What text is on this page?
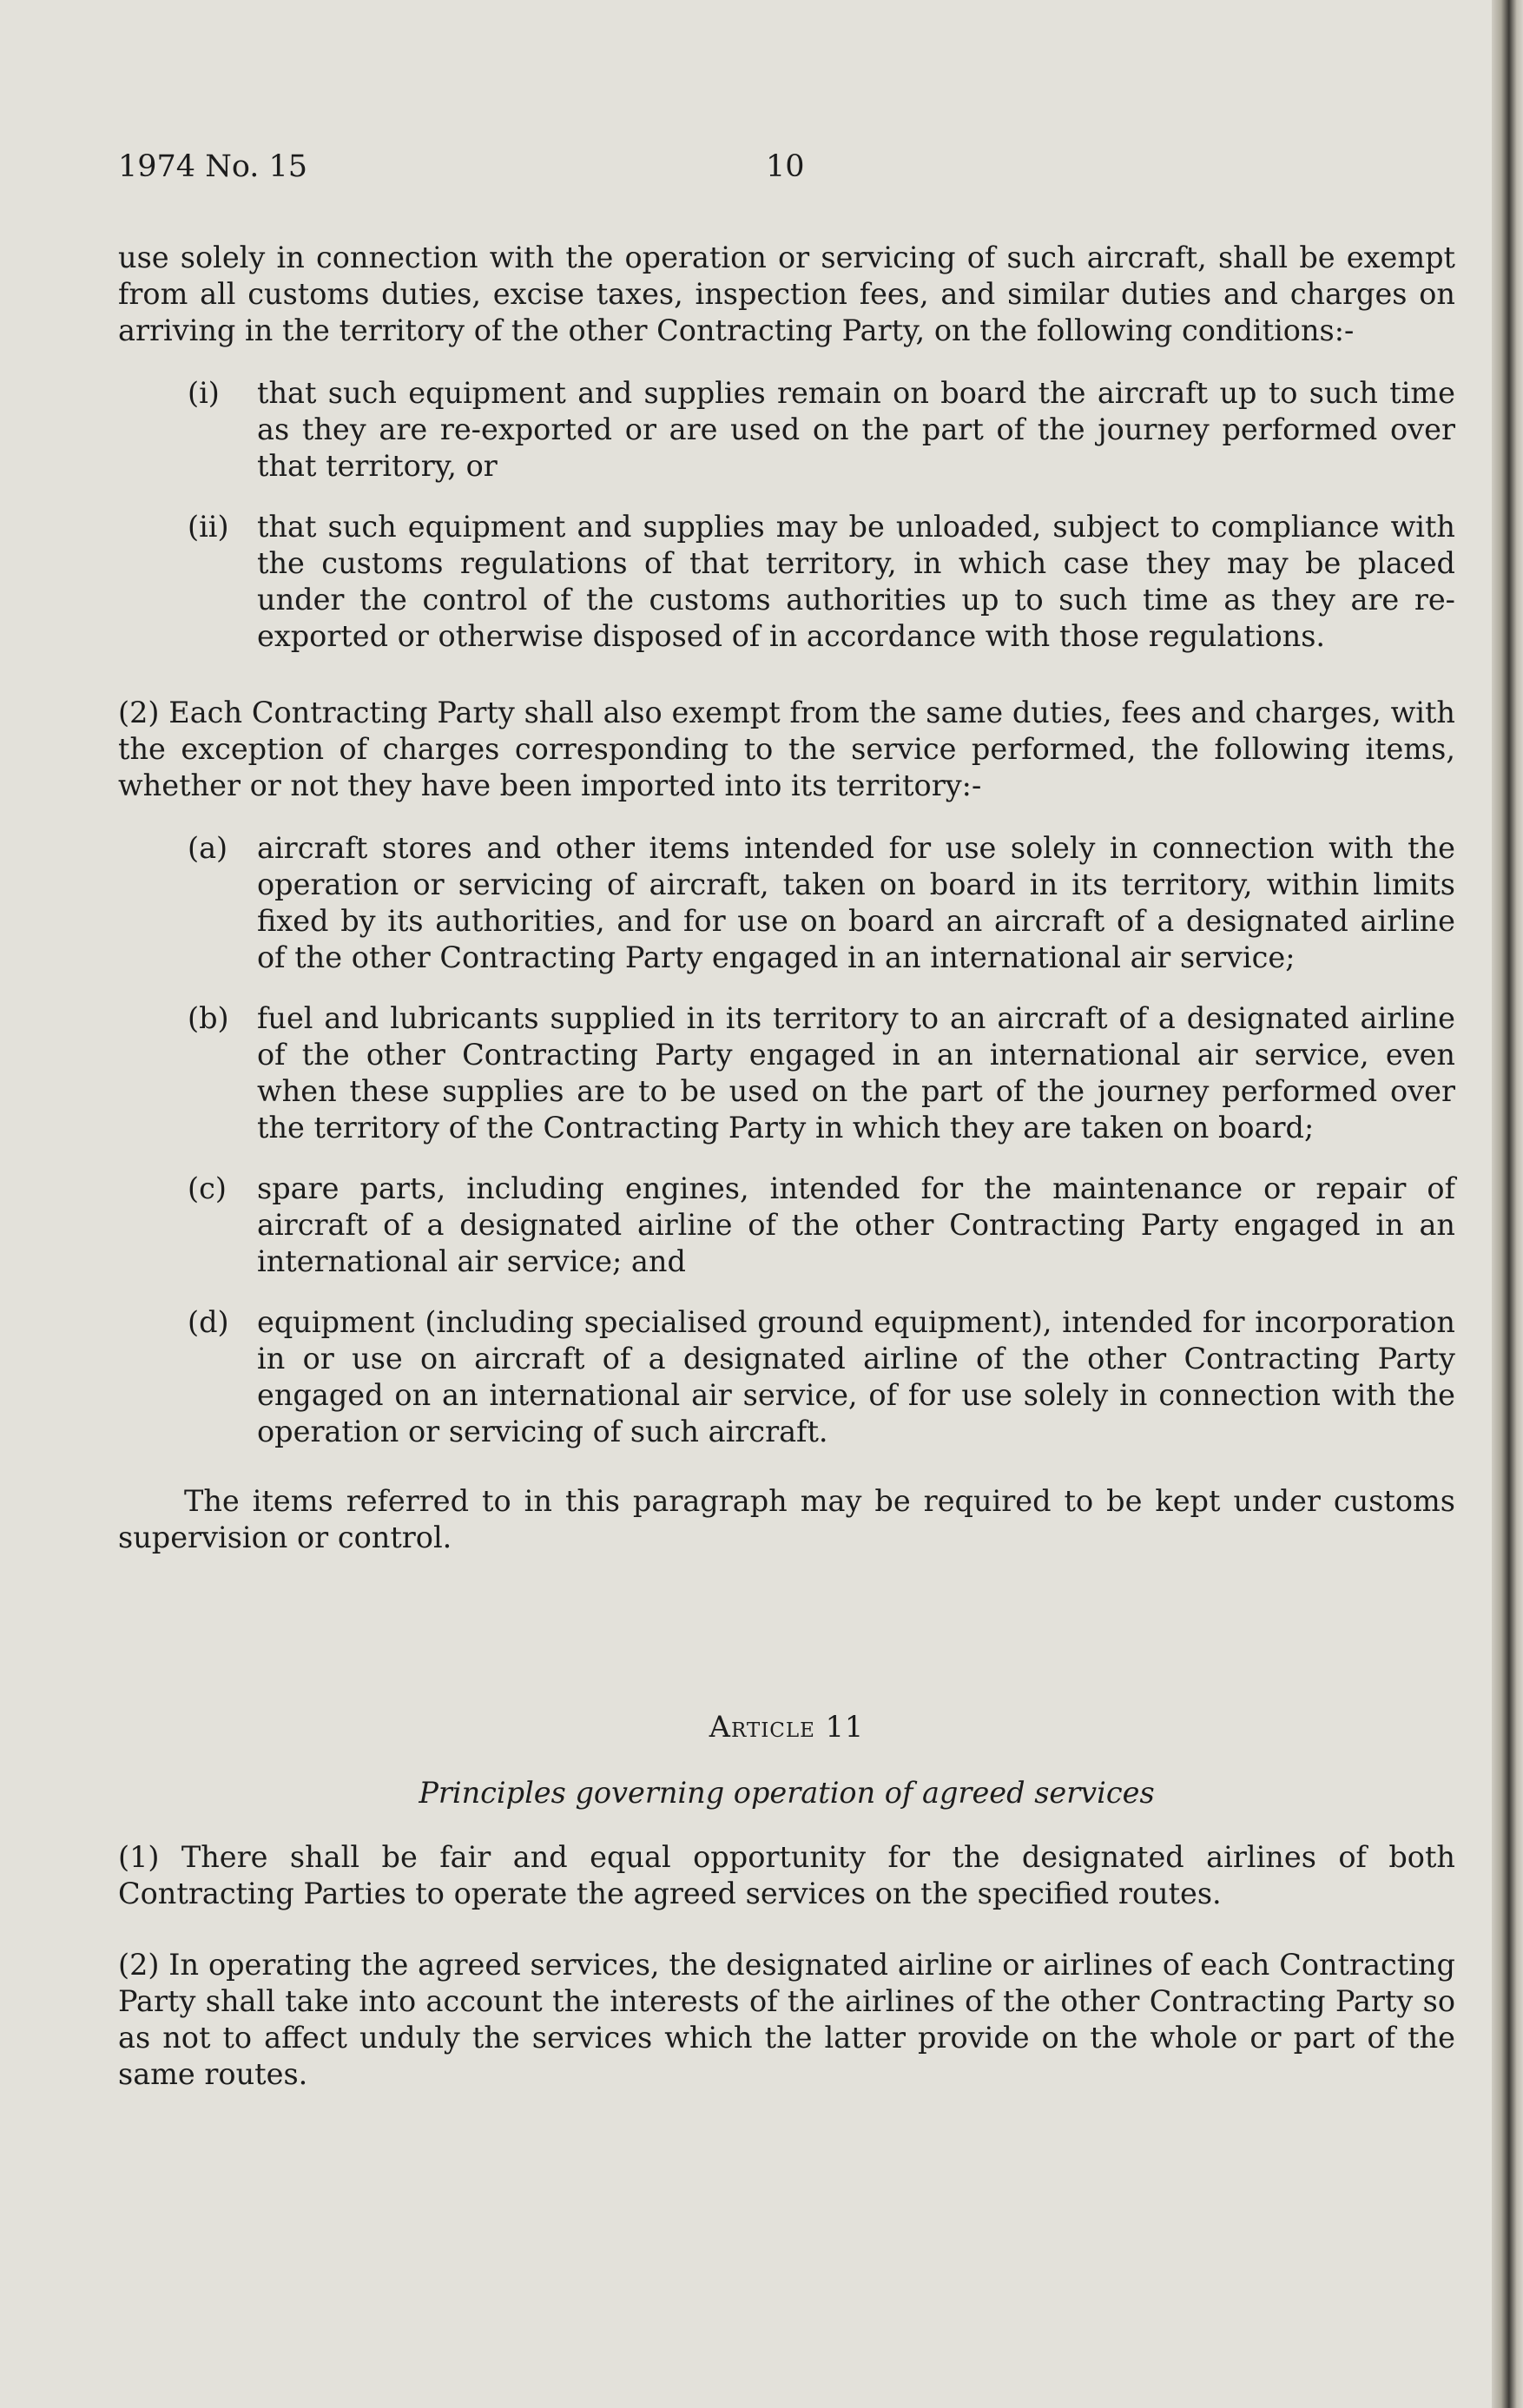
1974 No. 15	10

use solely in connection with the operation or servicing of such aircraft, shall be exempt from all customs duties, excise taxes, inspection fees, and similar duties and charges on arriving in the territory of the other Contracting Party, on the following conditions:-

(i)	that such equipment and supplies remain on board the aircraft up to such time as they are re-exported or are used on the part of the journey performed over that territory, or
(ii) that such equipment and supplies may be unloaded, subject to compliance with the customs regulations of that territory, in which case they may be placed under the control of the customs authorities up to such time as they are re-exported or otherwise disposed of in accordance with those regulations.

(2) Each Contracting Party shall also exempt from the same duties, fees and charges, with the exception of charges corresponding to the service performed, the following items, whether or not they have been imported into its territory:-

(a)	aircraft stores and other items intended for use solely in connection with the operation or servicing of aircraft, taken on board in its territory, within limits fixed by its authorities, and for use on board an aircraft of a designated airline of the other Contracting Party engaged in an international air service;
(b) fuel and lubricants supplied in its territory to an aircraft of a designated airline of the other Contracting Party engaged in an international air service, even when these supplies are to be used on the part of the journey performed over the territory of the Contracting Party in which they are taken on board;
(c)	spare parts, including engines, intended for the maintenance or repair of aircraft of a designated airline of the other Contracting Party engaged in an international air service; and
(d) equipment (including specialised ground equipment), intended for incorporation in or use on aircraft of a designated airline of the other Contracting Party engaged on an international air service, of for use solely in connection with the operation or servicing of such aircraft.

The items referred to in this paragraph may be required to be kept under customs supervision or control.

Article 11

Principles governing operation of agreed services

(1) There shall be fair and equal opportunity for the designated airlines of both Contracting Parties to operate the agreed services on the specified routes.

(2) In operating the agreed services, the designated airline or airlines of each Contracting Party shall take into account the interests of the airlines of the other Contracting Party so as not to affect unduly the services which the latter provide on the whole or part of the same routes.
